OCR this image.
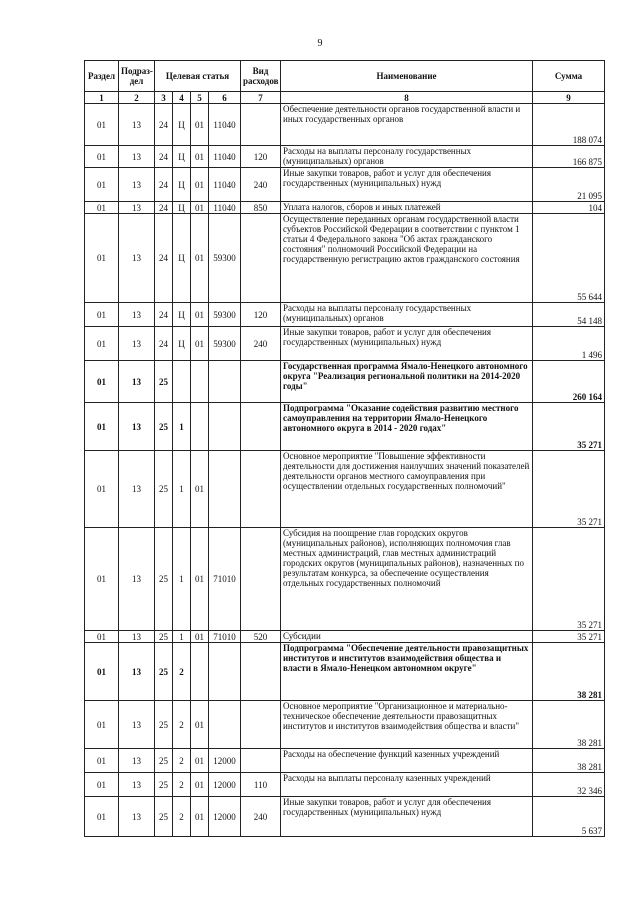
9
Раздел	Подраз-дел	Целевая статья				Вид расходов	Наименование	Сумма
1	2	3	4	5	6	7	8	9
01	13	24	Ц	01	11040		Обеспечение деятельности органов государственной власти и иных государственных органов	188 074
01	13	24	Ц	01	11040	120	Расходы на выплаты персоналу государственных (муниципальных) органов	166 875
01	13	24	Ц	01	11040	240	Иные закупки товаров, работ и услуг для обеспечения государственных (муниципальных) нужд	21 095
01	13	24	Ц	01	11040	850	Уплата налогов, сборов и иных платежей	104
01	13	24	Ц	01	59300		Осуществление переданных органам государственной власти субъектов Российской Федерации в соответствии с пунктом 1 статьи 4 Федерального закона "Об актах гражданского состояния" полномочий Российской Федерации на государственную регистрацию актов гражданского состояния	55 644
01	13	24	Ц	01	59300	120	Расходы на выплаты персоналу государственных (муниципальных) органов	54 148
01	13	24	Ц	01	59300	240	Иные закупки товаров, работ и услуг для обеспечения государственных (муниципальных) нужд	1 496
01	13	25					Государственная программа Ямало-Ненецкого автономного округа "Реализация региональной политики на 2014-2020 годы"	260 164
01	13	25	1				Подпрограмма "Оказание содействия развитию местного самоуправления на территории Ямало-Ненецкого автономного округа в 2014 - 2020 годах"	35 271
01	13	25	1	01			Основное мероприятие "Повышение эффективности деятельности для достижения наилучших значений показателей деятельности органов местного самоуправления при осуществлении отдельных государственных полномочий"	35 271
01	13	25	1	01	71010		Субсидия на поощрение глав городских округов (муниципальных районов), исполняющих полномочия глав местных администраций, глав местных администраций городских округов (муниципальных районов), назначенных по результатам конкурса, за обеспечение осуществления отдельных государственных полномочий	35 271
01	13	25	1	01	71010	520	Субсидии	35 271
01	13	25	2				Подпрограмма "Обеспечение деятельности правозащитных институтов и институтов взаимодействия общества и власти в Ямало-Ненецком автономном округе"	38 281
01	13	25	2	01			Основное мероприятие "Организационное и материально-техническое обеспечение деятельности правозащитных институтов и институтов взаимодействия общества и власти"	38 281
01	13	25	2	01	12000		Расходы на обеспечение функций казенных учреждений	38 281
01	13	25	2	01	12000	110	Расходы на выплаты персоналу казенных учреждений	32 346
01	13	25	2	01	12000	240	Иные закупки товаров, работ и услуг для обеспечения государственных (муниципальных) нужд	5 637
